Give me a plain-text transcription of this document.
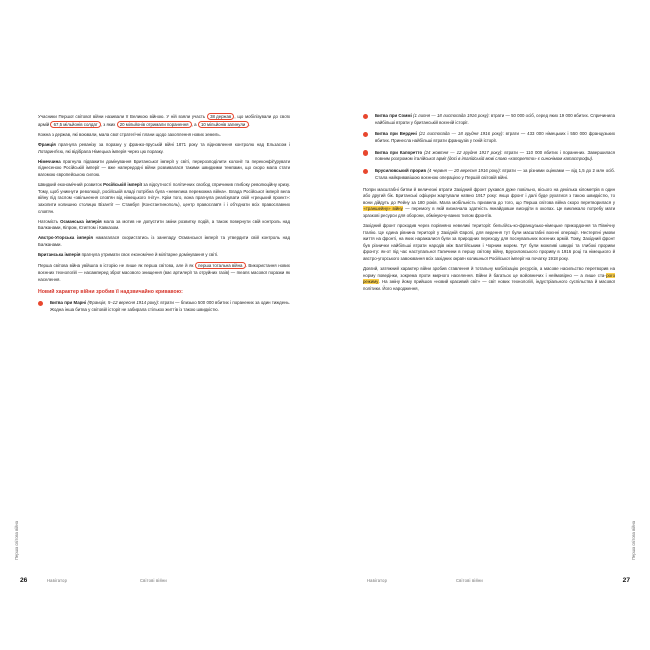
Учасники Першої світової війни називали її Великою війною. У ній взяли участь 38 держав , що мобілізували до своїх армій 67,5 мільйонів солдат , з яких 20 мільйонів отримали поранення , а 10 мільйонів загинули .

Кожна з держав, які воювали, мала свої стратегічні плани щодо захоплення нових земель.

Франція прагнула реванізу за поразку у франко-пруській війні 1871 року та відновлення контролю над Ельзасом і Лотаринґією, які відібрала Німецька імперія через цю поразку.

Німеччина прагнула підважити домінування Британської імперії у світі, перерозподілити колонії та переконфіґурувати піднесеною Російській імперії — вже напередодні війни розвивалася такими швидкими темпами, що скоро мала стати вагомою європейською силою.

Швидкий економічний розвиток Російській імперії за відсутності політичних свобод спричинив глибоку революційну кризу. Тому, щоб уникнути революції, російській владі потрібна була «невелика переможна війна». Влада Російської імперії вела війну під гаслом «звільнення слов'ян від німецького гніту». Крім того, вона прагнула реалізувати свій «грецький проект»: захопити колишню столицю Візантії — Стамбул (Константинополь), центр православ'я і і об'єднати всіх православних слов'ян.

Натомість Османська імперія мала за мотив не допустити зміни розвитку подій, а також повернути свій контроль над Балканами, Кіпром, Єгиптом і Кавказом.

Австро-Угорська імперія намагалася скористатись із занепаду Османської імперії та утвердити свій контроль над Балканами.

Британська імперія прагнула утримати своє економічне й мілітарне домінування у світі.

Перша світова війна увійшла в історію не лише як перша світова, але й як перша тотальна війна . Використання нових воєнних технологій — насамперед зброї масового знищення (ває артилерії та отруйних газів) — means масової поразки як населення.

Новий характер війни зробив її надзвичайно кривавою:
Битва при Марні (Франція, 5–12 вересня 1914 року): втрати — близько 500 000 вбитих і поранених за один тиждень. Жодна інша битва у світовій історії не забирала стількох життів із такою швидкістю.
26	Навігатор	Світові війни
Перша світова війна
Битва при Соммі (1 липня — 18 листопада 1916 року): втрати — 50 000 осіб, серед яких 19 000 вбитих. Спричинила найбільші втрати у британській воєнній історії.
Битва при Вердені (21 листопада — 18 грудня 1916 року): втрати — 433 000 німецьких і 550 000 французьких вбитих. Принесла найбільші втрати французів у їхній історії.
Битва при Капоретто (24 жовтня — 12 грудня 1917 року): втрати — 110 000 вбитих і поранених. Завершилася повним розгромом італійської армії (досі в італійській мові слово «капоретто» є синонімом катастрофи).
Брусиловський прорив (4 червня — 20 вересня 1916 року): втрати — за різними оцінками — від 1,5 до 2 млн осіб. Стала найкривавішою воєнною операцією у Першій світовій війні.

Попри масштабні битви й величезні втрати Західний фронт рухався дуже повільно, вісього на декілька кілометрів в один або другий бік. Британські офіцери жартували наївно 1917 року: якщо фронт і далі буде рухатися з такою швидкістю, то вони дійдуть до Рейну за 180 років. Мала мобільність призвела до того, що Перша світова війна скоро перетворилася у «траншейну» війну — перемогу в якій визначала здатність якнайдовше висидіти в окопах. Це викликало потребу мати зразкові ресурси для оборони, обмінуючу-ваних тилом фронтів.

Західний фронт проходив через порівняно невеликі території: бельгійсь-ко-французько-німецьке прикордоння та Північну Італію. Це єдина рівнина території у Західній Європі, для ведення тут були масштабні воєнні операції. Нестерпні умови життя на фронті, на яких наражалися були за природних переходу для поснувальних воєнних армій. Тому, Західний фронт був різнички найбільші втрати народів між Балтійським і Чорним морем. Тут були можливі швидкі та глибокі прориви фронту: як-от під час наступальної Галичини в першу світову війну, Брусиловського прориву в 1916 році та німецького й австро-угорського завоювання всіх західних окраїн колишньої Російської імперії на початку 1918 року.

Довгий, затяжний характер війни зробив ставлення й тотальну мобілізацію ресурсів, а масове насильство перетворив на норму поведінки, зокрема проти мирного населення. Війни й багатьох це войовничих і неймовірно — а лише ста-рого режиму. На зміну йому прийшов «новий красивий світ» — світ нових технологій, індустріального суспільства й масової політики. Його народження,

27
Навігатор	Світові війни
Перша світова війна
